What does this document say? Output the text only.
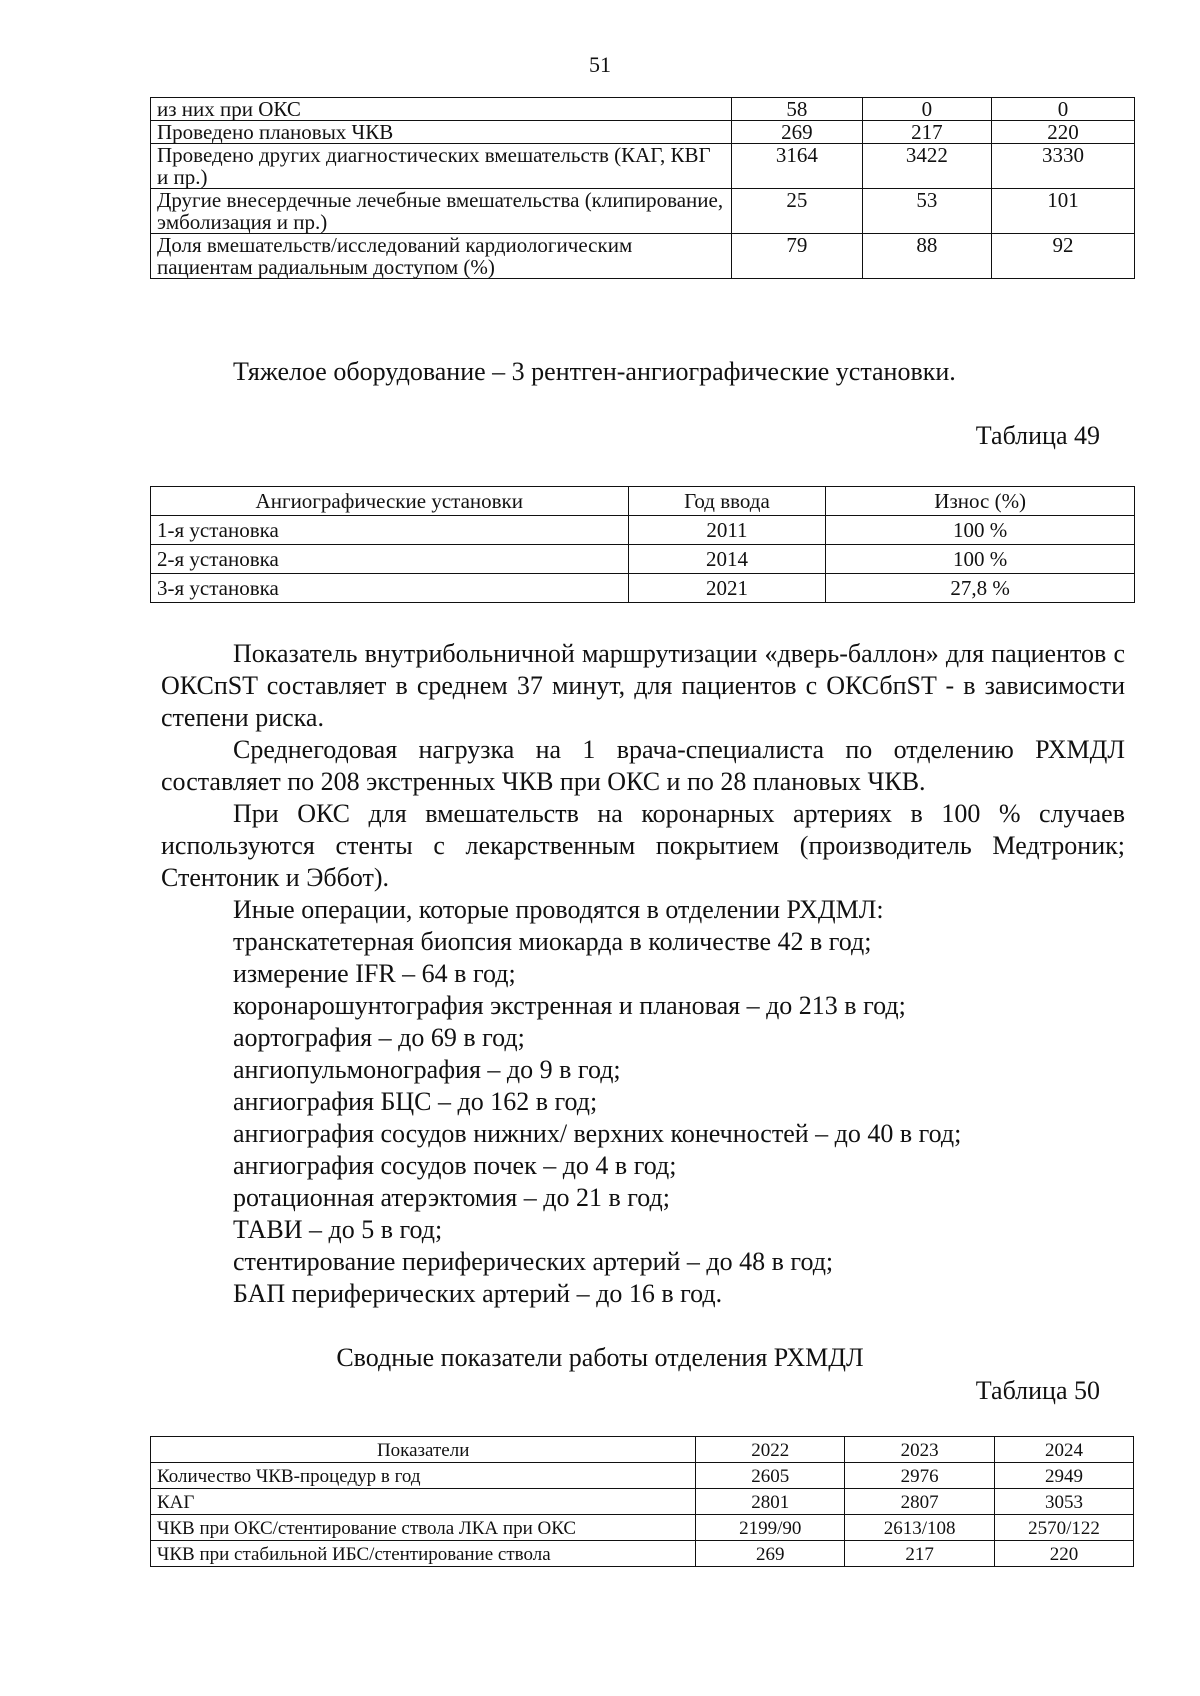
51
из них при ОКС	58	0	0
Проведено плановых ЧКВ	269	217	220
Проведено других диагностических вмешательств (КАГ, КВГ и пр.)	3164	3422	3330
Другие внесердечные лечебные вмешательства (клипирование, эмболизация и пр.)	25	53	101
Доля вмешательств/исследований кардиологическим пациентам радиальным доступом (%)	79	88	92
Тяжелое оборудование – 3 рентген-ангиографические установки.
Таблица 49
Ангиографические установки	Год ввода	Износ (%)
1-я установка	2011	100 %
2-я установка	2014	100 %
3-я установка	2021	27,8 %
Показатель внутрибольничной маршрутизации «дверь-баллон» для пациентов с ОКСпST составляет в среднем 37 минут, для пациентов с ОКСбпST - в зависимости степени риска.
Среднегодовая нагрузка на 1 врача-специалиста по отделению РХМДЛ составляет по 208 экстренных ЧКВ при ОКС и по 28 плановых ЧКВ.
При ОКС для вмешательств на коронарных артериях в 100 % случаев используются стенты с лекарственным покрытием (производитель Медтроник; Стентоник и Эббот).
Иные операции, которые проводятся в отделении РХДМЛ:
транскатетерная биопсия миокарда в количестве 42 в год;
измерение IFR – 64 в год;
коронарошунтография экстренная и плановая – до 213 в год;
аортография – до 69 в год;
ангиопульмонография – до 9 в год;
ангиография БЦС – до 162 в год;
ангиография сосудов нижних/ верхних конечностей – до 40 в год;
ангиография сосудов почек – до 4 в год;
ротационная атерэктомия – до 21 в год;
ТАВИ – до 5 в год;
стентирование периферических артерий – до 48 в год;
БАП периферических артерий – до 16 в год.
Сводные показатели работы отделения РХМДЛ
Таблица 50
Показатели	2022	2023	2024
Количество ЧКВ-процедур в год	2605	2976	2949
КАГ	2801	2807	3053
ЧКВ при ОКС/стентирование ствола ЛКА при ОКС	2199/90	2613/108	2570/122
ЧКВ при стабильной ИБС/стентирование ствола	269	217	220
